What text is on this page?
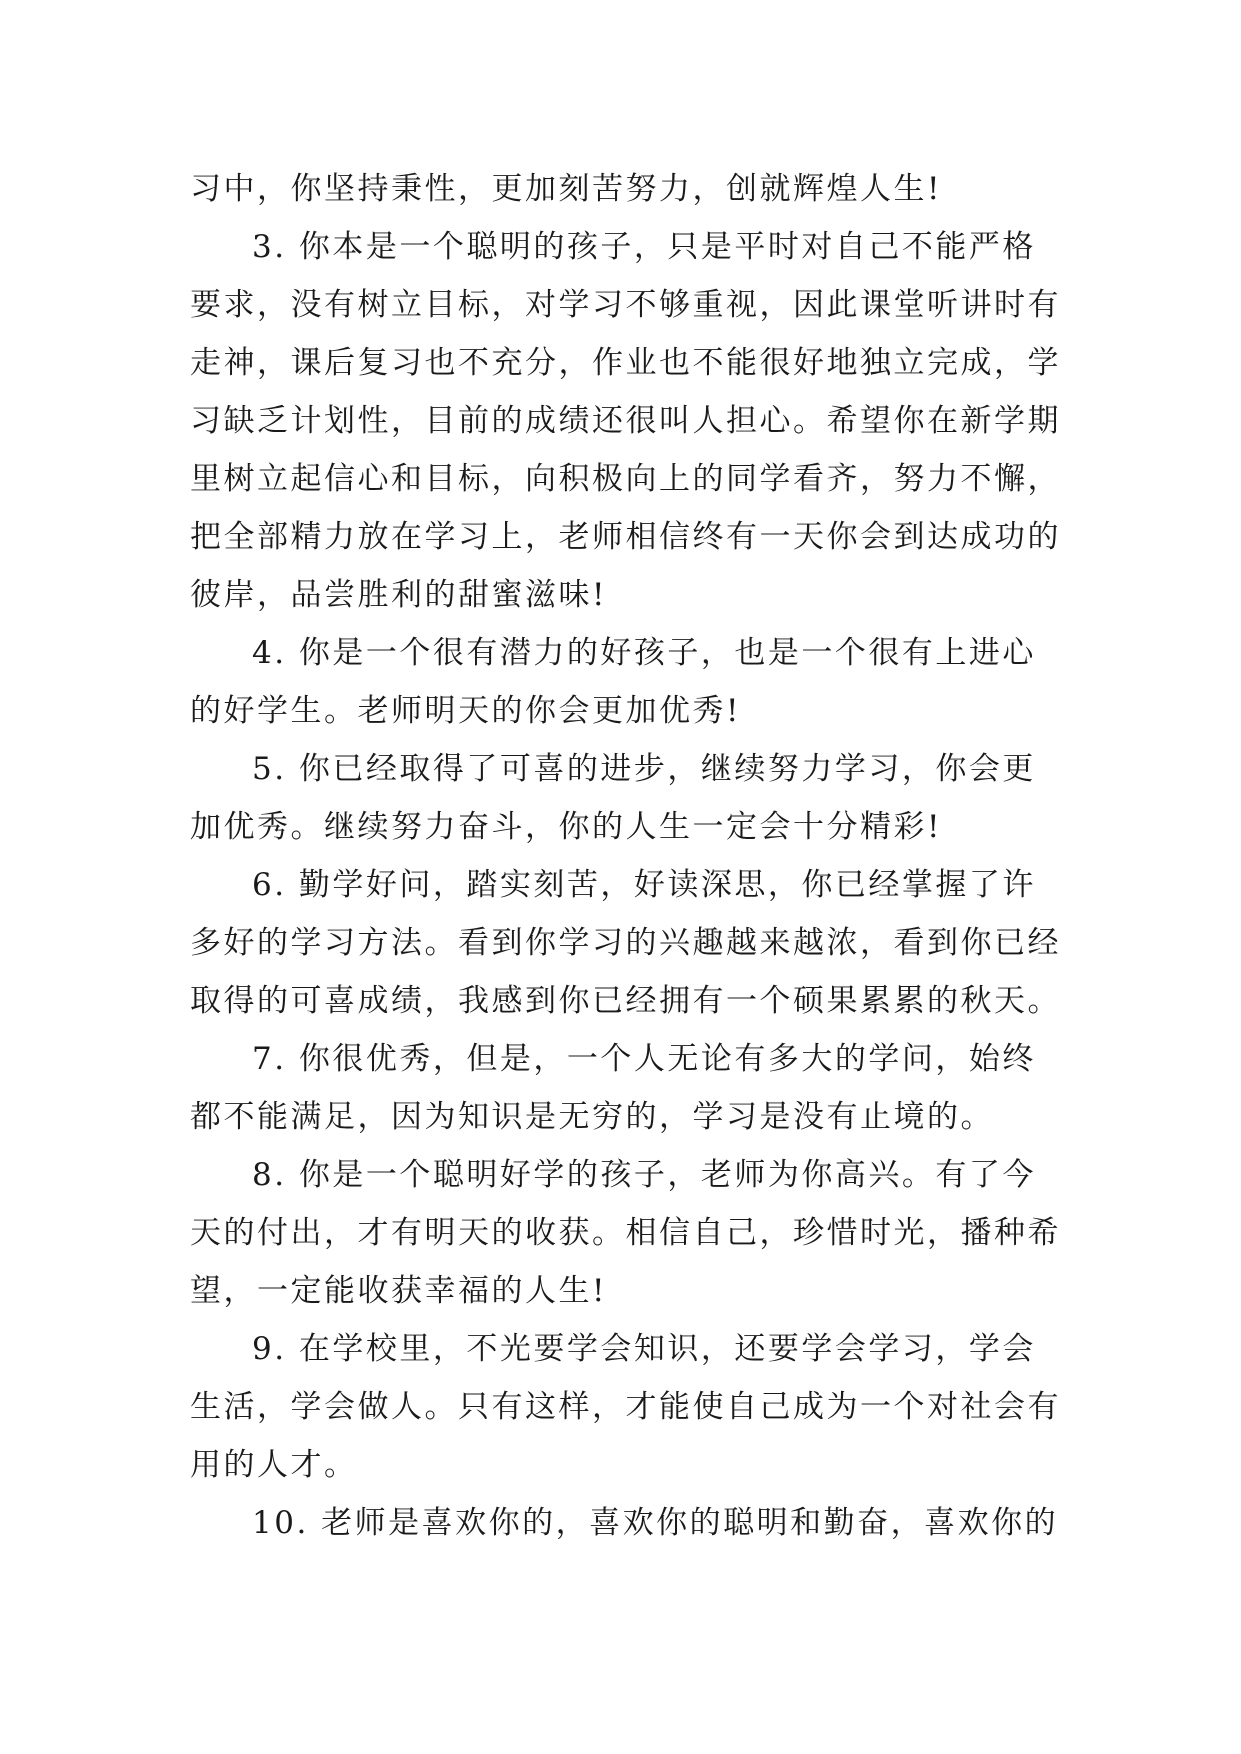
习中，你坚持秉性，更加刻苦努力，创就辉煌人生!
3. 你本是一个聪明的孩子，只是平时对自己不能严格
要求，没有树立目标，对学习不够重视，因此课堂听讲时有
走神，课后复习也不充分，作业也不能很好地独立完成，学
习缺乏计划性，目前的成绩还很叫人担心。希望你在新学期
里树立起信心和目标，向积极向上的同学看齐，努力不懈，
把全部精力放在学习上，老师相信终有一天你会到达成功的
彼岸，品尝胜利的甜蜜滋味!
4. 你是一个很有潜力的好孩子，也是一个很有上进心
的好学生。老师明天的你会更加优秀!
5. 你已经取得了可喜的进步，继续努力学习，你会更
加优秀。继续努力奋斗，你的人生一定会十分精彩!
6. 勤学好问，踏实刻苦，好读深思，你已经掌握了许
多好的学习方法。看到你学习的兴趣越来越浓，看到你已经
取得的可喜成绩，我感到你已经拥有一个硕果累累的秋天。
7. 你很优秀，但是，一个人无论有多大的学问，始终
都不能满足，因为知识是无穷的，学习是没有止境的。
8. 你是一个聪明好学的孩子，老师为你高兴。有了今
天的付出，才有明天的收获。相信自己，珍惜时光，播种希
望，一定能收获幸福的人生!
9. 在学校里，不光要学会知识，还要学会学习，学会
生活，学会做人。只有这样，才能使自己成为一个对社会有
用的人才。
10. 老师是喜欢你的，喜欢你的聪明和勤奋，喜欢你的
